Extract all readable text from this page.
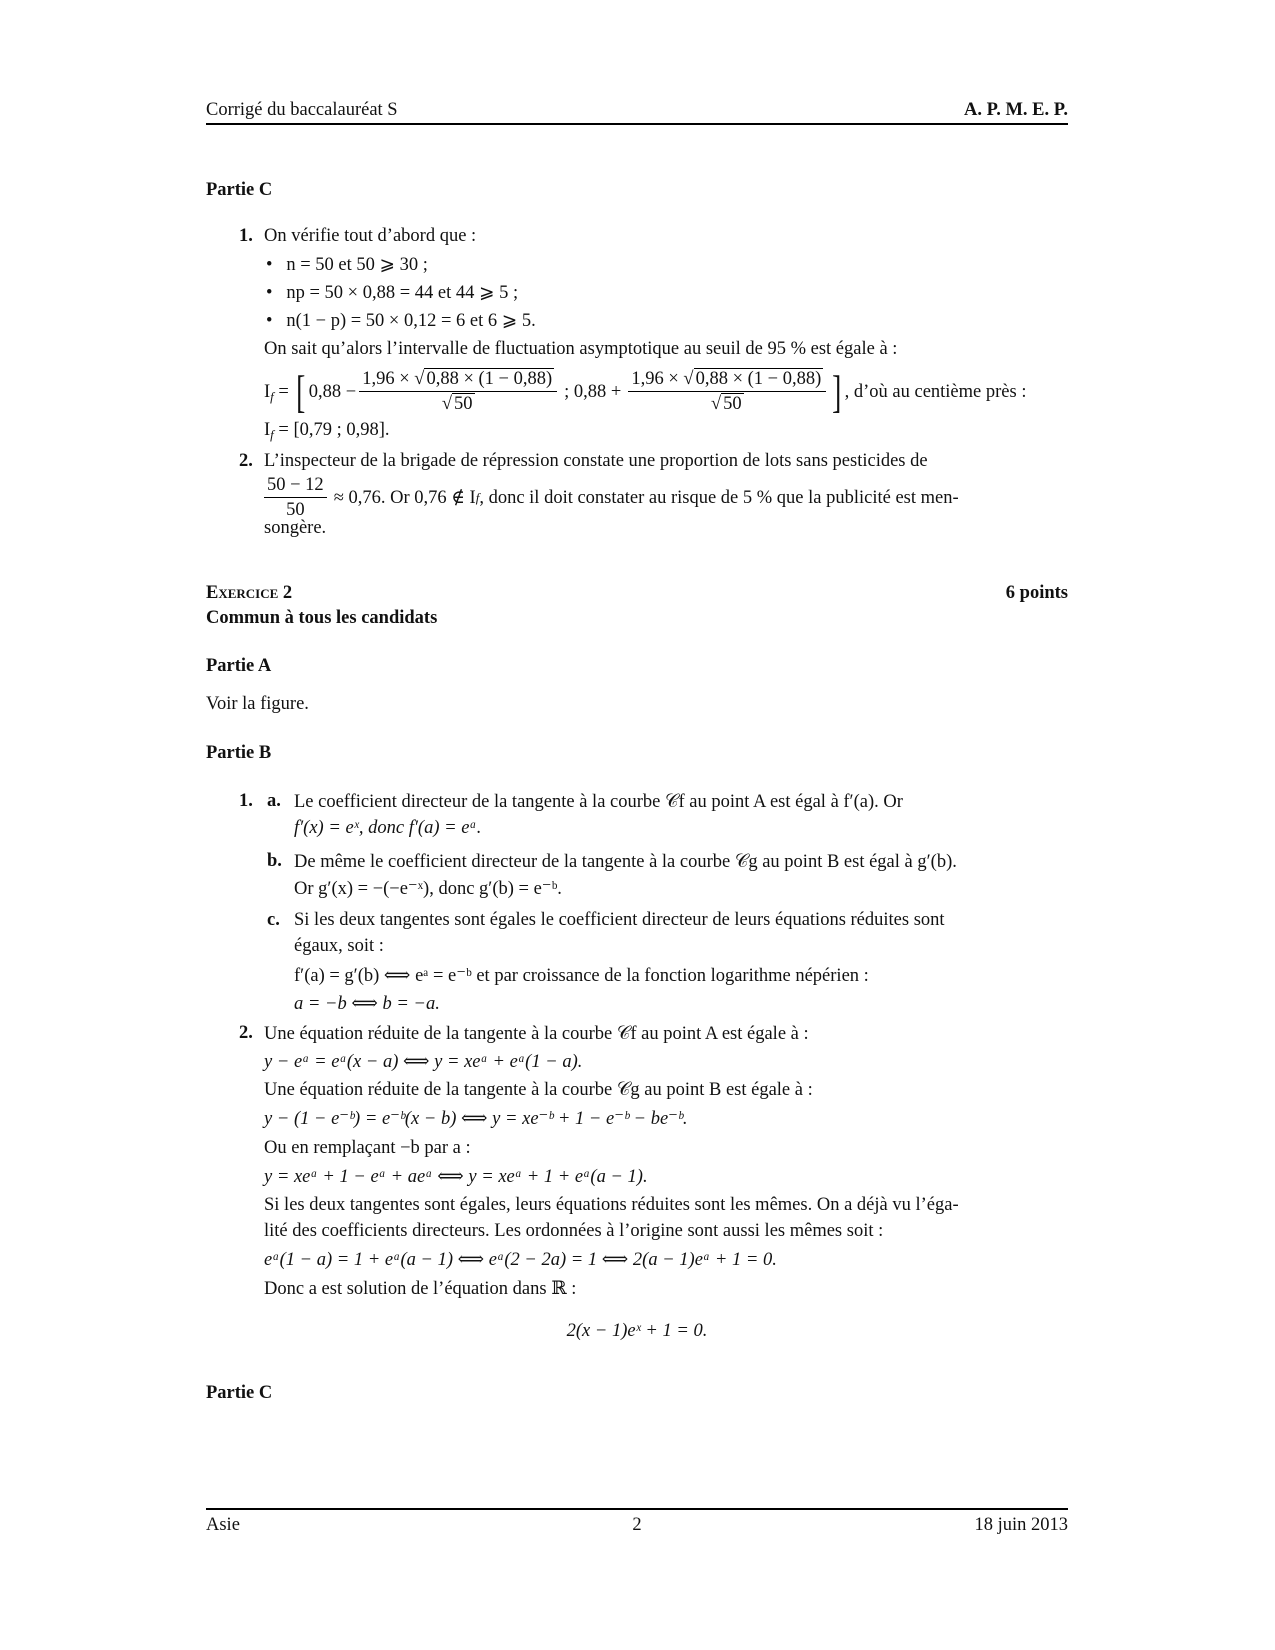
Corrigé du baccalauréat S	A. P. M. E. P.
Partie C
1. On vérifie tout d’abord que :
•   n = 50 et 50 ⩾ 30 ;
•   np = 50 × 0,88 = 44 et 44 ⩾ 5 ;
•   n(1 − p) = 50 × 0,12 = 6 et 6 ⩾ 5.
On sait qu’alors l’intervalle de fluctuation asymptotique au seuil de 95 % est égale à :
$I_f$ = [ $0,88 - \frac{1,96 \times √ 0,88 \times (1 - 0,88)}{√ 50}$ ; $0,88 + \frac{1,96 \times √ 0,88 \times (1 - 0,88)}{√ 50}$ ] , d’où au centième près :
$I_f = [0,79$ ; 0,98].
2. L’inspecteur de la brigade de répression constate une proportion de lots sans pesticides de
$\frac{50 - 12}{50} \approx 0,76$. Or 0,76 ∉ I f , donc il doit constater au risque de 5 % que la publicité est men-
songère.
Exercice 2	6 points
Commun à tous les candidats
Partie A
Voir la figure.
Partie B
1. a. Le coefficient directeur de la tangente à la courbe 𝒞f au point A est égal à f′(a). Or
f′(x) = eˣ, donc f′(a) = eᵃ.
b. De même le coefficient directeur de la tangente à la courbe 𝒞g au point B est égal à g′(b).
Or g′(x) = −(−e⁻ˣ), donc g′(b) = e⁻ᵇ.
c. Si les deux tangentes sont égales le coefficient directeur de leurs équations réduites sont
égaux, soit :
f′(a) = g′(b) ⟺ eᵃ = e⁻ᵇ et par croissance de la fonction logarithme népérien :
a = −b ⟺ b = −a.
2. Une équation réduite de la tangente à la courbe 𝒞f au point A est égale à :
y − eᵃ = eᵃ(x − a) ⟺ y = xeᵃ + eᵃ(1 − a).
Une équation réduite de la tangente à la courbe 𝒞g au point B est égale à :
y − (1 − e⁻ᵇ) = e⁻ᵇ(x − b) ⟺ y = xe⁻ᵇ + 1 − e⁻ᵇ − be⁻ᵇ.
Ou en remplaçant −b par a :
y = xeᵃ + 1 − eᵃ + aeᵃ ⟺ y = xeᵃ + 1 + eᵃ(a − 1).
Si les deux tangentes sont égales, leurs équations réduites sont les mêmes. On a déjà vu l’éga-
lité des coefficients directeurs. Les ordonnées à l’origine sont aussi les mêmes soit :
eᵃ(1 − a) = 1 + eᵃ(a − 1) ⟺ eᵃ(2 − 2a) = 1 ⟺ 2(a − 1)eᵃ + 1 = 0.
Donc a est solution de l’équation dans ℝ :
2(x − 1)eˣ + 1 = 0.
Partie C
Asie	2	18 juin 2013
